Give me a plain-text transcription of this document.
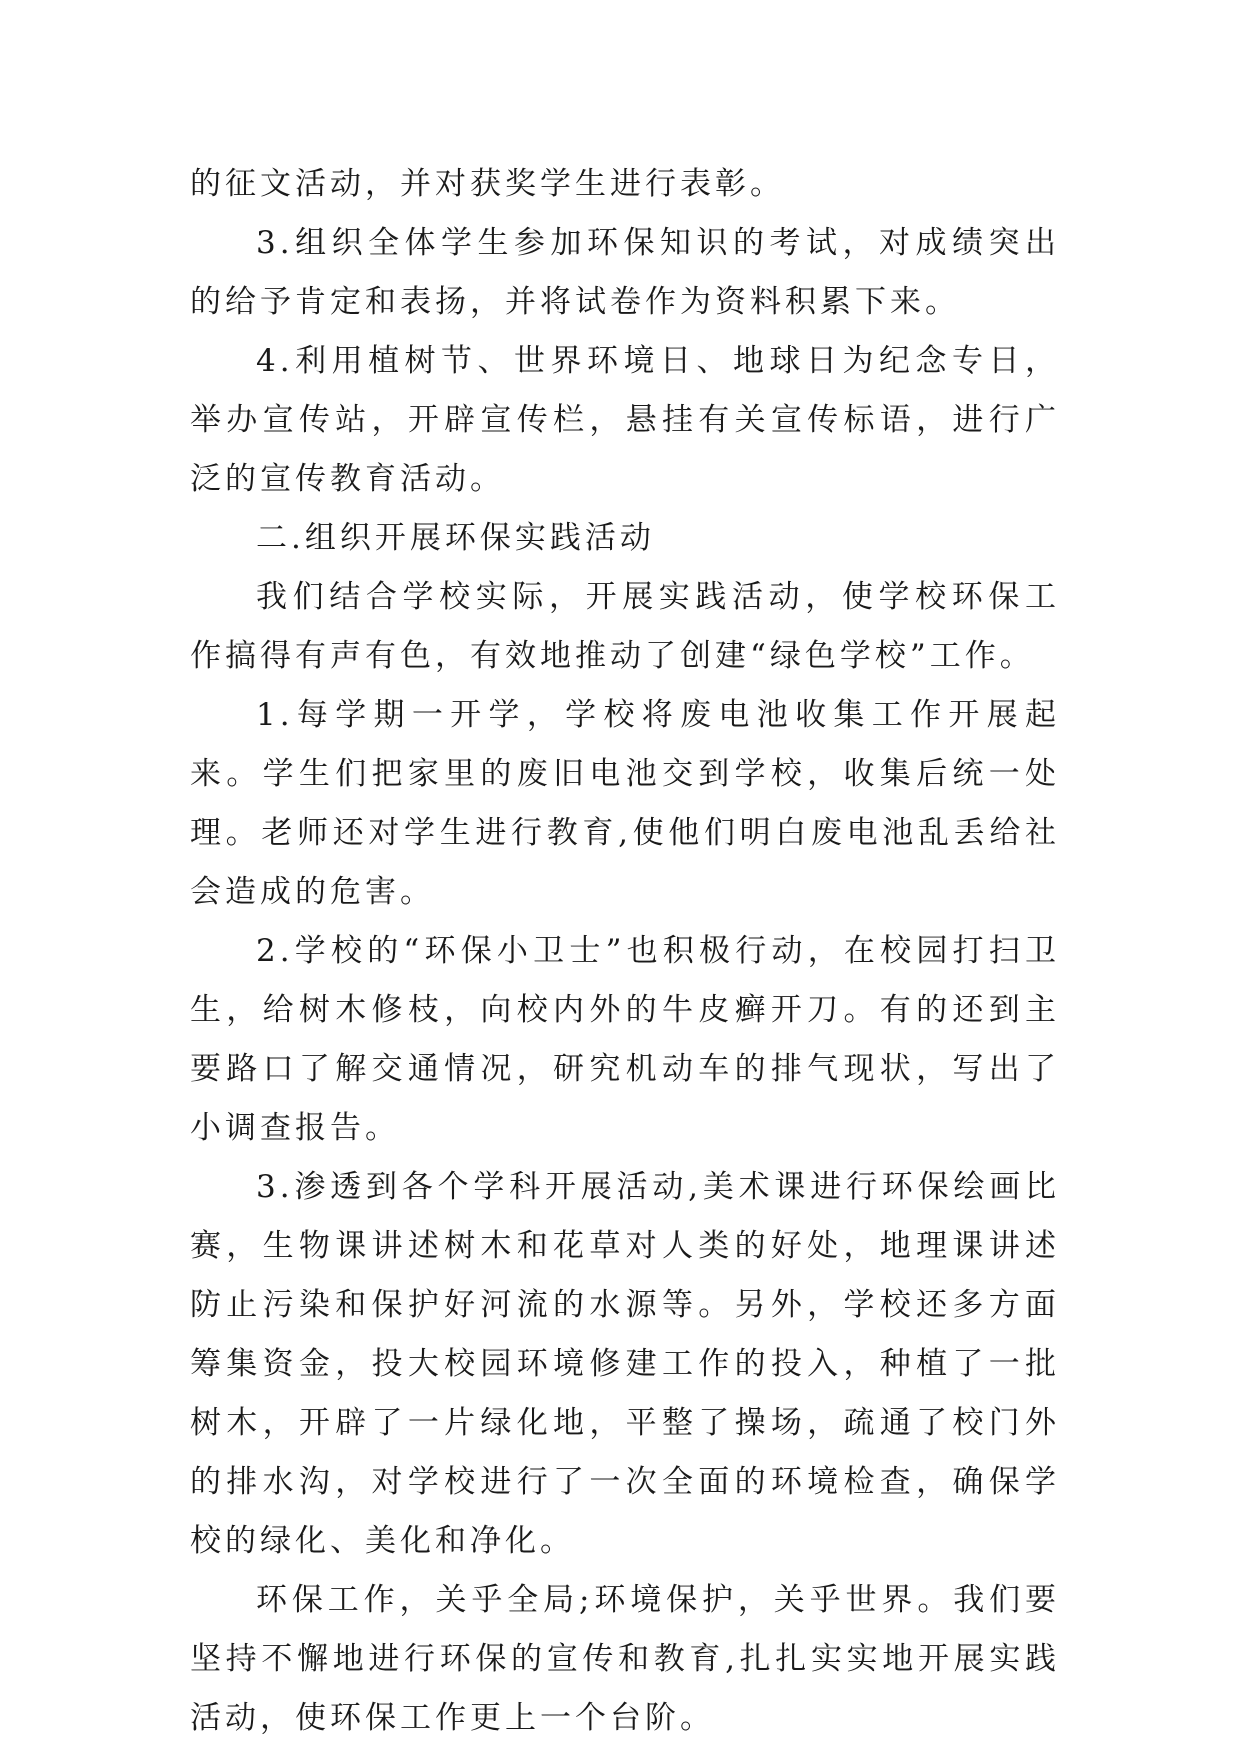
的征文活动，并对获奖学生进行表彰。

3.组织全体学生参加环保知识的考试，对成绩突出的给予肯定和表扬，并将试卷作为资料积累下来。

4.利用植树节、世界环境日、地球日为纪念专日，举办宣传站，开辟宣传栏，悬挂有关宣传标语，进行广泛的宣传教育活动。

二.组织开展环保实践活动

我们结合学校实际，开展实践活动，使学校环保工作搞得有声有色，有效地推动了创建“绿色学校”工作。

1.每学期一开学，学校将废电池收集工作开展起来。学生们把家里的废旧电池交到学校，收集后统一处理。老师还对学生进行教育,使他们明白废电池乱丢给社会造成的危害。

2.学校的“环保小卫士”也积极行动，在校园打扫卫生，给树木修枝，向校内外的牛皮癣开刀。有的还到主要路口了解交通情况，研究机动车的排气现状，写出了小调查报告。

3.渗透到各个学科开展活动,美术课进行环保绘画比赛，生物课讲述树木和花草对人类的好处，地理课讲述防止污染和保护好河流的水源等。另外，学校还多方面筹集资金，投大校园环境修建工作的投入，种植了一批树木，开辟了一片绿化地，平整了操场，疏通了校门外的排水沟，对学校进行了一次全面的环境检查，确保学校的绿化、美化和净化。

环保工作，关乎全局;环境保护，关乎世界。我们要坚持不懈地进行环保的宣传和教育,扎扎实实地开展实践活动，使环保工作更上一个台阶。
